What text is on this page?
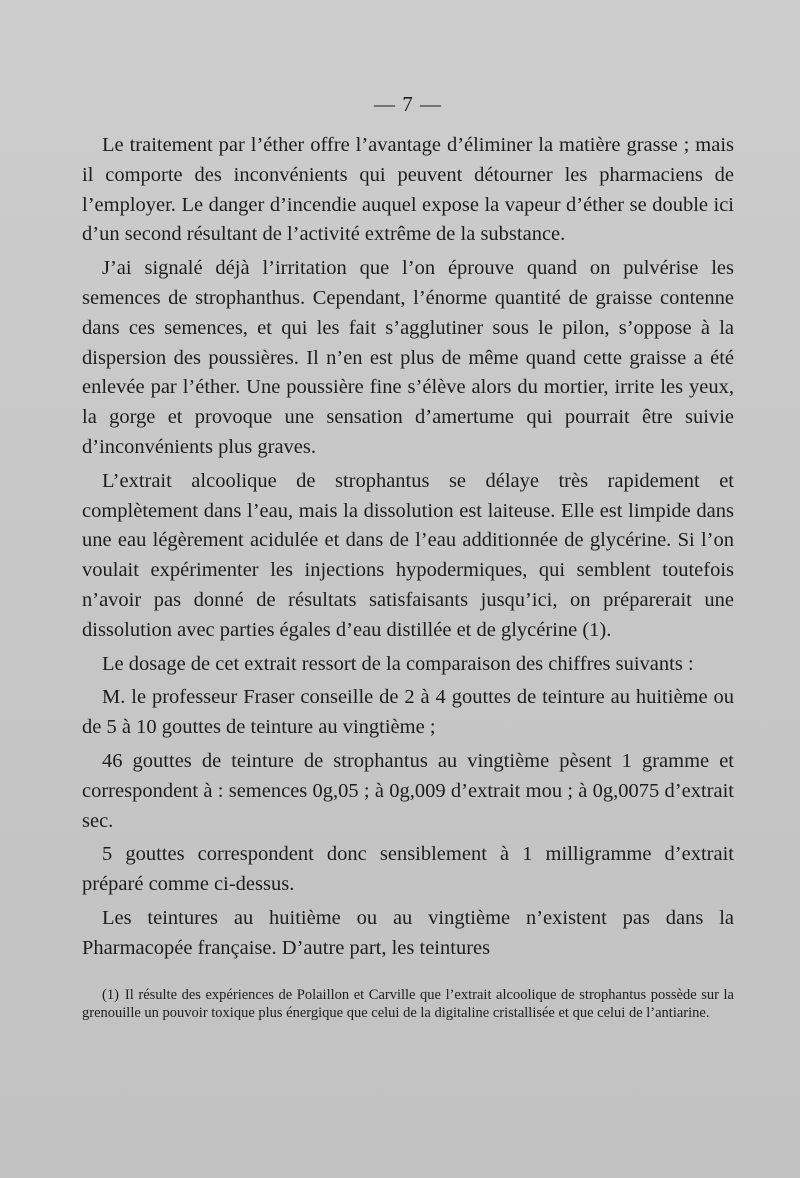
— 7 —

Le traitement par l’éther offre l’avantage d’éliminer la matière grasse ; mais il comporte des inconvénients qui peuvent détourner les pharmaciens de l’employer. Le danger d’incendie auquel expose la vapeur d’éther se double ici d’un second résultant de l’activité extrême de la substance.

J’ai signalé déjà l’irritation que l’on éprouve quand on pulvérise les semences de strophanthus. Cependant, l’énorme quantité de graisse contenne dans ces semences, et qui les fait s’agglutiner sous le pilon, s’oppose à la dispersion des poussières. Il n’en est plus de même quand cette graisse a été enlevée par l’éther. Une poussière fine s’élève alors du mortier, irrite les yeux, la gorge et provoque une sensation d’amertume qui pourrait être suivie d’inconvénients plus graves.

L’extrait alcoolique de strophantus se délaye très rapidement et complètement dans l’eau, mais la dissolution est laiteuse. Elle est limpide dans une eau légèrement acidulée et dans de l’eau additionnée de glycérine. Si l’on voulait expérimenter les injections hypodermiques, qui semblent toutefois n’avoir pas donné de résultats satisfaisants jusqu’ici, on préparerait une dissolution avec parties égales d’eau distillée et de glycérine (1).

Le dosage de cet extrait ressort de la comparaison des chiffres suivants :

M. le professeur Fraser conseille de 2 à 4 gouttes de teinture au huitième ou de 5 à 10 gouttes de teinture au vingtième ;

46 gouttes de teinture de strophantus au vingtième pèsent 1 gramme et correspondent à : semences 0g,05 ; à 0g,009 d’extrait mou ; à 0g,0075 d’extrait sec.

5 gouttes correspondent donc sensiblement à 1 milligramme d’extrait préparé comme ci-dessus.

Les teintures au huitième ou au vingtième n’existent pas dans la Pharmacopée française. D’autre part, les teintures

(1) Il résulte des expériences de Polaillon et Carville que l’extrait alcoolique de strophantus possède sur la grenouille un pouvoir toxique plus énergique que celui de la digitaline cristallisée et que celui de l’antiarine.
